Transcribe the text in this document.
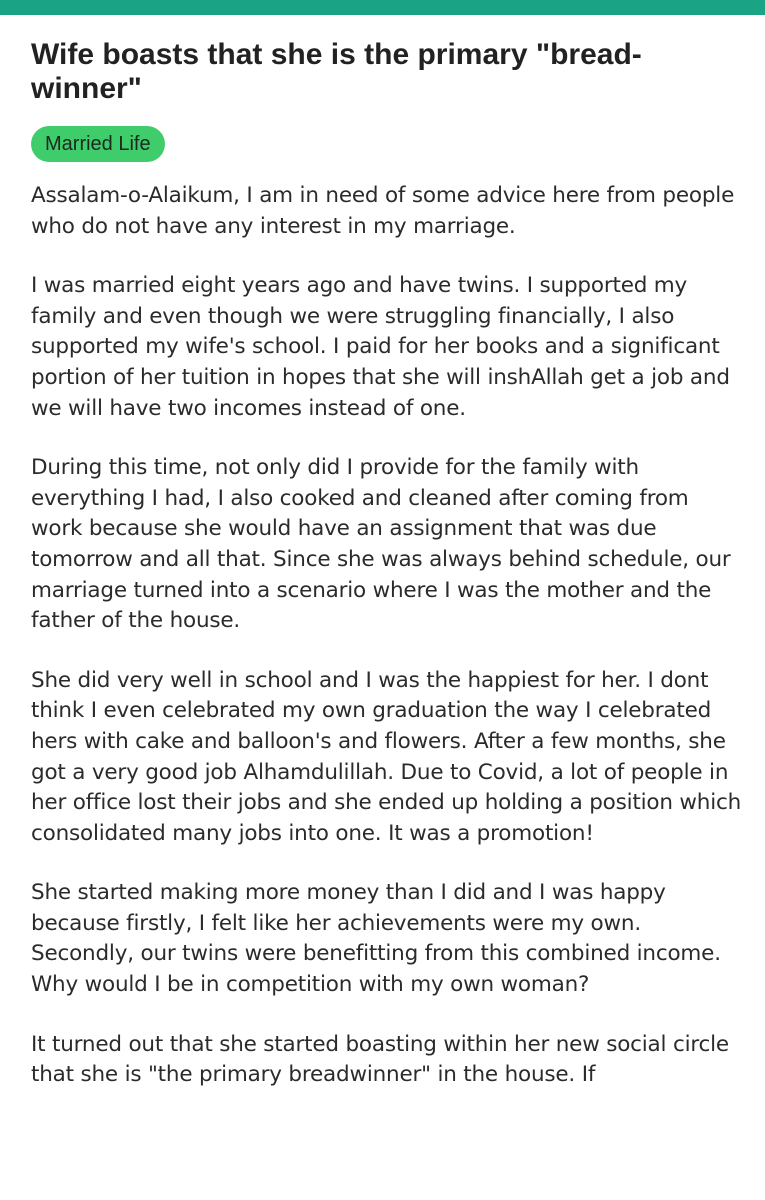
Wife boasts that she is the primary "bread-winner"
Married Life

Assalam-o-Alaikum, I am in need of some advice here from people who do not have any interest in my marriage.

I was married eight years ago and have twins. I supported my family and even though we were struggling financially, I also supported my wife's school. I paid for her books and a significant portion of her tuition in hopes that she will inshAllah get a job and we will have two incomes instead of one.

During this time, not only did I provide for the family with everything I had, I also cooked and cleaned after coming from work because she would have an assignment that was due tomorrow and all that. Since she was always behind schedule, our marriage turned into a scenario where I was the mother and the father of the house.

She did very well in school and I was the happiest for her. I dont think I even celebrated my own graduation the way I celebrated hers with cake and balloon's and flowers. After a few months, she got a very good job Alhamdulillah. Due to Covid, a lot of people in her office lost their jobs and she ended up holding a position which consolidated many jobs into one. It was a promotion!

She started making more money than I did and I was happy because firstly, I felt like her achievements were my own. Secondly, our twins were benefitting from this combined income. Why would I be in competition with my own woman?

It turned out that she started boasting within her new social circle that she is "the primary breadwinner" in the house. If
